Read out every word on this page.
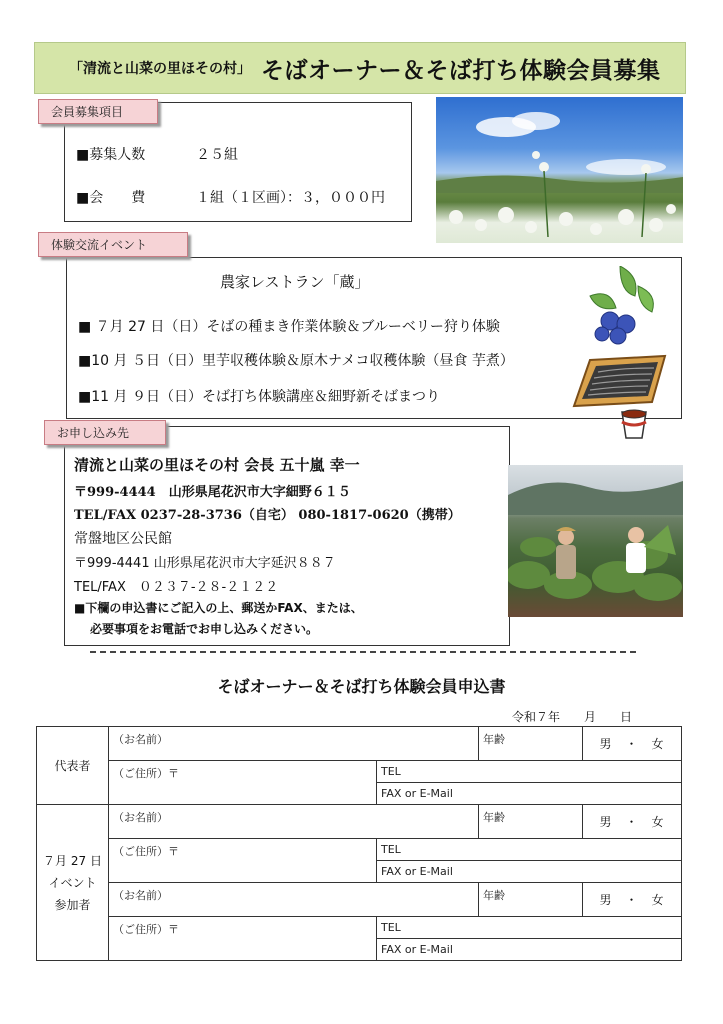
「清流と山菜の里ほその村」 そばオーナー＆そば打ち体験会員募集
会員募集項目
■募集人数	２５組
■会　　費	１組（１区画）：３，０００円
体験交流イベント
農家レストラン「蔵」
■ ７月 27 日（日）そばの種まき作業体験＆ブルーベリー狩り体験
■10 月 ５日（日）里芋収穫体験＆原木ナメコ収穫体験（昼食 芋煮）
■11 月 ９日（日）そば打ち体験講座＆細野新そばまつり
お申し込み先
清流と山菜の里ほその村 会長 五十嵐 幸一
〒999-4444　山形県尾花沢市大字細野６１５
TEL/FAX 0237-28-3736（自宅） 080-1817-0620（携帯）
常盤地区公民館
〒999-4441 山形県尾花沢市大字延沢８８７
TEL/FAX　０２３７-２８-２１２２
■下欄の申込書にご記入の上、郵送かFAX、または、
必要事項をお電話でお申し込みください。
そばオーナー＆そば打ち体験会員申込書
令和７年　　月　　日
代表者	（お名前）		年齢	男　・　女
	（ご住所）〒	TEL
FAX or E-Mail		

７月 27 日
イベント
参加者	（お名前）		年齢	男　・　女
	（ご住所）〒	TEL
FAX or E-Mail		

	（お名前）		年齢	男　・　女
	（ご住所）〒	TEL
FAX or E-Mail		
